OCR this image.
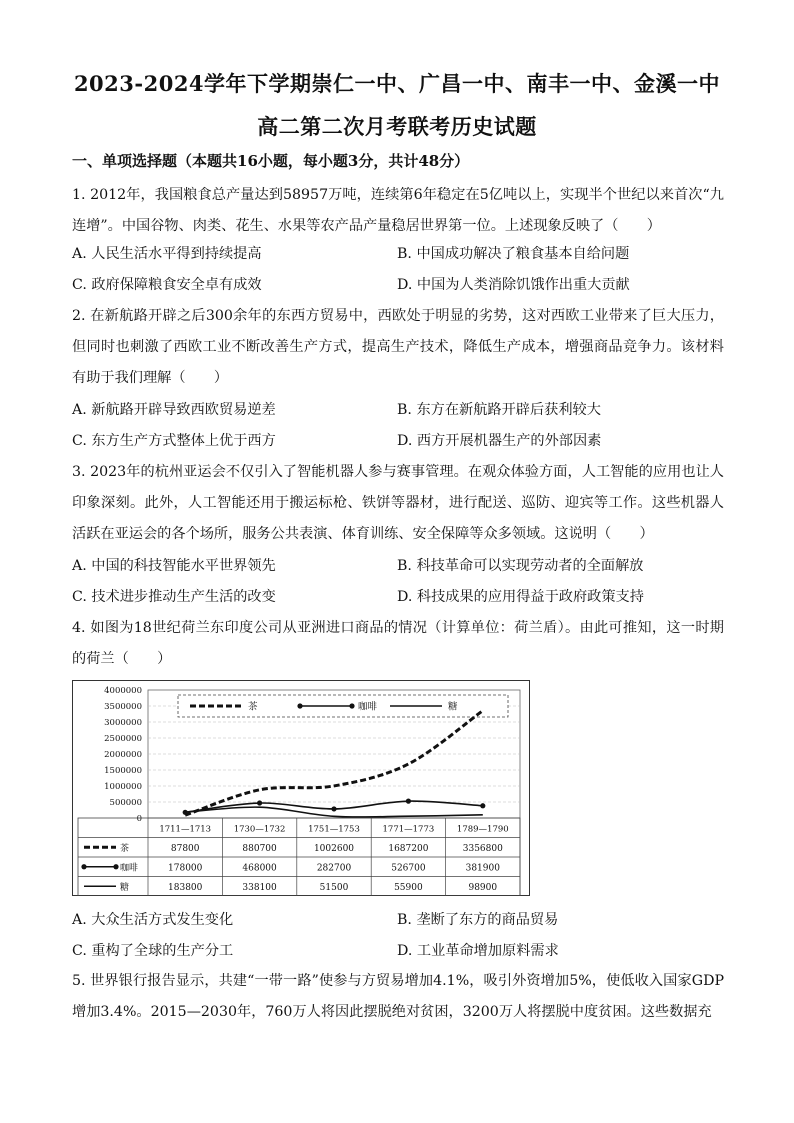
2023-2024学年下学期崇仁一中、广昌一中、南丰一中、金溪一中
高二第二次月考联考历史试题
一、单项选择题（本题共16小题，每小题3分，共计48分）
1. 2012年，我国粮食总产量达到58957万吨，连续第6年稳定在5亿吨以上，实现半个世纪以来首次“九连增”。中国谷物、肉类、花生、水果等农产品产量稳居世界第一位。上述现象反映了（　　）
A. 人民生活水平得到持续提高	B. 中国成功解决了粮食基本自给问题
C. 政府保障粮食安全卓有成效	D. 中国为人类消除饥饿作出重大贡献
2. 在新航路开辟之后300余年的东西方贸易中，西欧处于明显的劣势，这对西欧工业带来了巨大压力，但同时也刺激了西欧工业不断改善生产方式，提高生产技术，降低生产成本，增强商品竞争力。该材料有助于我们理解（　　）
A. 新航路开辟导致西欧贸易逆差	B. 东方在新航路开辟后获利较大
C. 东方生产方式整体上优于西方	D. 西方开展机器生产的外部因素
3. 2023年的杭州亚运会不仅引入了智能机器人参与赛事管理。在观众体验方面，人工智能的应用也让人印象深刻。此外，人工智能还用于搬运标枪、铁饼等器材，进行配送、巡防、迎宾等工作。这些机器人活跃在亚运会的各个场所，服务公共表演、体育训练、安全保障等众多领域。这说明（　　）
A. 中国的科技智能水平世界领先	B. 科技革命可以实现劳动者的全面解放
C. 技术进步推动生产生活的改变	D. 科技成果的应用得益于政府政策支持
4. 如图为18世纪荷兰东印度公司从亚洲进口商品的情况（计算单位：荷兰盾）。由此可推知，这一时期的荷兰（　　）
4000000
3500000
3000000
2500000
2000000
1500000
1000000
500000
0
茶	咖啡	糖
1711—1713	1730—1732	1751—1753	1771—1773	1789—1790
茶	87800	880700	1002600	1687200	3356800
咖啡	178000	468000	282700	526700	381900
糖	183800	338100	51500	55900	98900
A. 大众生活方式发生变化	B. 垄断了东方的商品贸易
C. 重构了全球的生产分工	D. 工业革命增加原料需求
5. 世界银行报告显示，共建“一带一路”使参与方贸易增加4.1%，吸引外资增加5%，使低收入国家GDP增加3.4%。2015—2030年，760万人将因此摆脱绝对贫困，3200万人将摆脱中度贫困。这些数据充
